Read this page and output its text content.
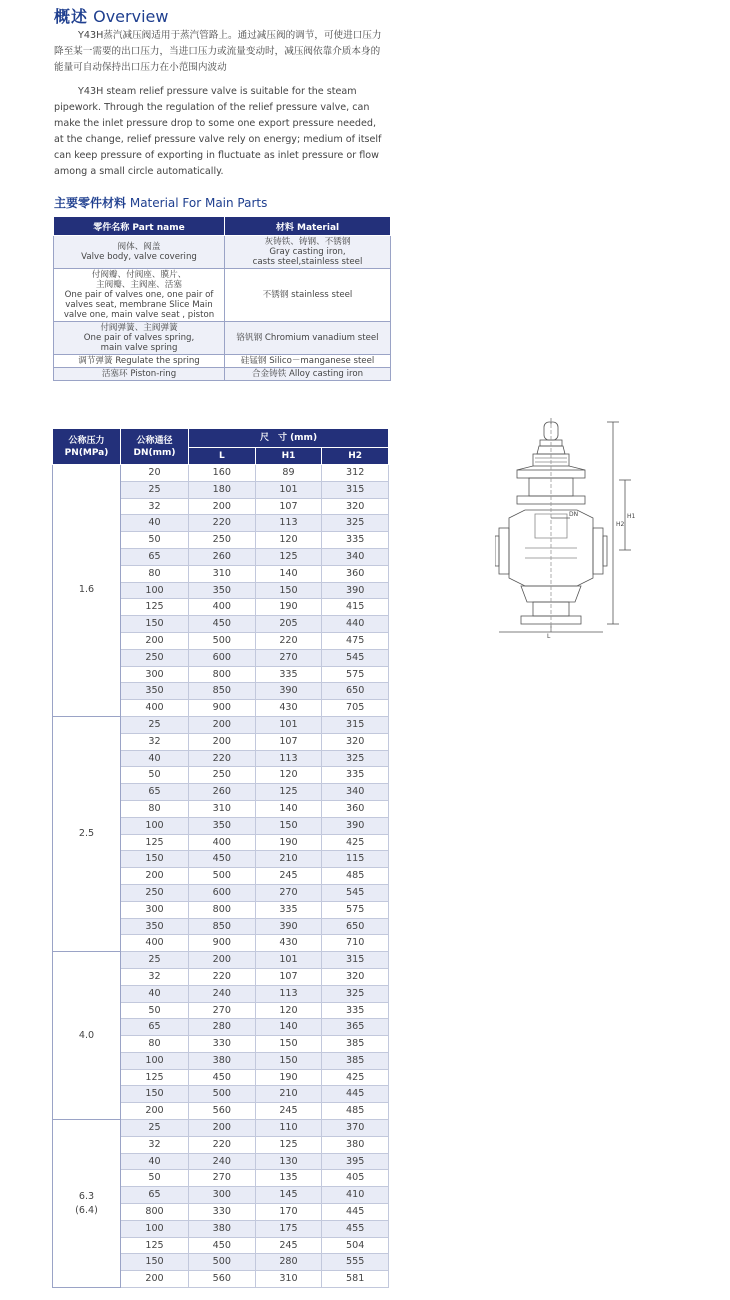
概述 Overview
Y43H蒸汽减压阀适用于蒸汽管路上。通过减压阀的调节，可使进口压力降至某一需要的出口压力，当进口压力或流量变动时，减压阀依靠介质本身的能量可自动保持出口压力在小范围内波动
Y43H steam relief pressure valve is suitable for the steam pipework. Through the regulation of the relief pressure valve, can make the inlet pressure drop to some one export pressure needed, at the change, relief pressure valve rely on energy; medium of itself can keep pressure of exporting in fluctuate as inlet pressure or flow among a small circle automatically.
主要零件材料 Material For Main Parts
零件名称 Part name	材料 Material
阀体、阀盖
Valve body, valve covering	灰铸铁、铸钢、不锈钢
Gray casting iron,
casts steel,stainless steel
付阀瓣、付阀座、膜片、
主阀瓣、主阀座、活塞
One pair of valves one, one pair of
valves seat, membrane Slice Main
valve one, main valve seat , piston	不锈钢 stainless steel
付阀弹簧、主阀弹簧
One pair of valves spring,
main valve spring	铬钒钢 Chromium vanadium steel
调节弹簧 Regulate the spring	硅锰钢 Silico－manganese steel
活塞环 Piston-ring	合金铸铁 Alloy casting iron
公称压力
PN(MPa)	公称通径
DN(mm)	尺　寸 (mm)		
		L	H1	H2
1.6	20	160	89	312
	25	180	101	315
	32	200	107	320
	40	220	113	325
	50	250	120	335
	65	260	125	340
	80	310	140	360
	100	350	150	390
	125	400	190	415
	150	450	205	440
	200	500	220	475
	250	600	270	545
	300	800	335	575
	350	850	390	650
	400	900	430	705
2.5	25	200	101	315
	32	200	107	320
	40	220	113	325
	50	250	120	335
	65	260	125	340
	80	310	140	360
	100	350	150	390
	125	400	190	425
	150	450	210	115
	200	500	245	485
	250	600	270	545
	300	800	335	575
	350	850	390	650
	400	900	430	710
4.0	25	200	101	315
	32	220	107	320
	40	240	113	325
	50	270	120	335
	65	280	140	365
	80	330	150	385
	100	380	150	385
	125	450	190	425
	150	500	210	445
	200	560	245	485
6.3
(6.4)	25	200	110	370
	32	220	125	380
	40	240	130	395
	50	270	135	405
	65	300	145	410
	800	330	170	445
	100	380	175	455
	125	450	245	504
	150	500	280	555
	200	560	310	581
H2
H1
DN
L
